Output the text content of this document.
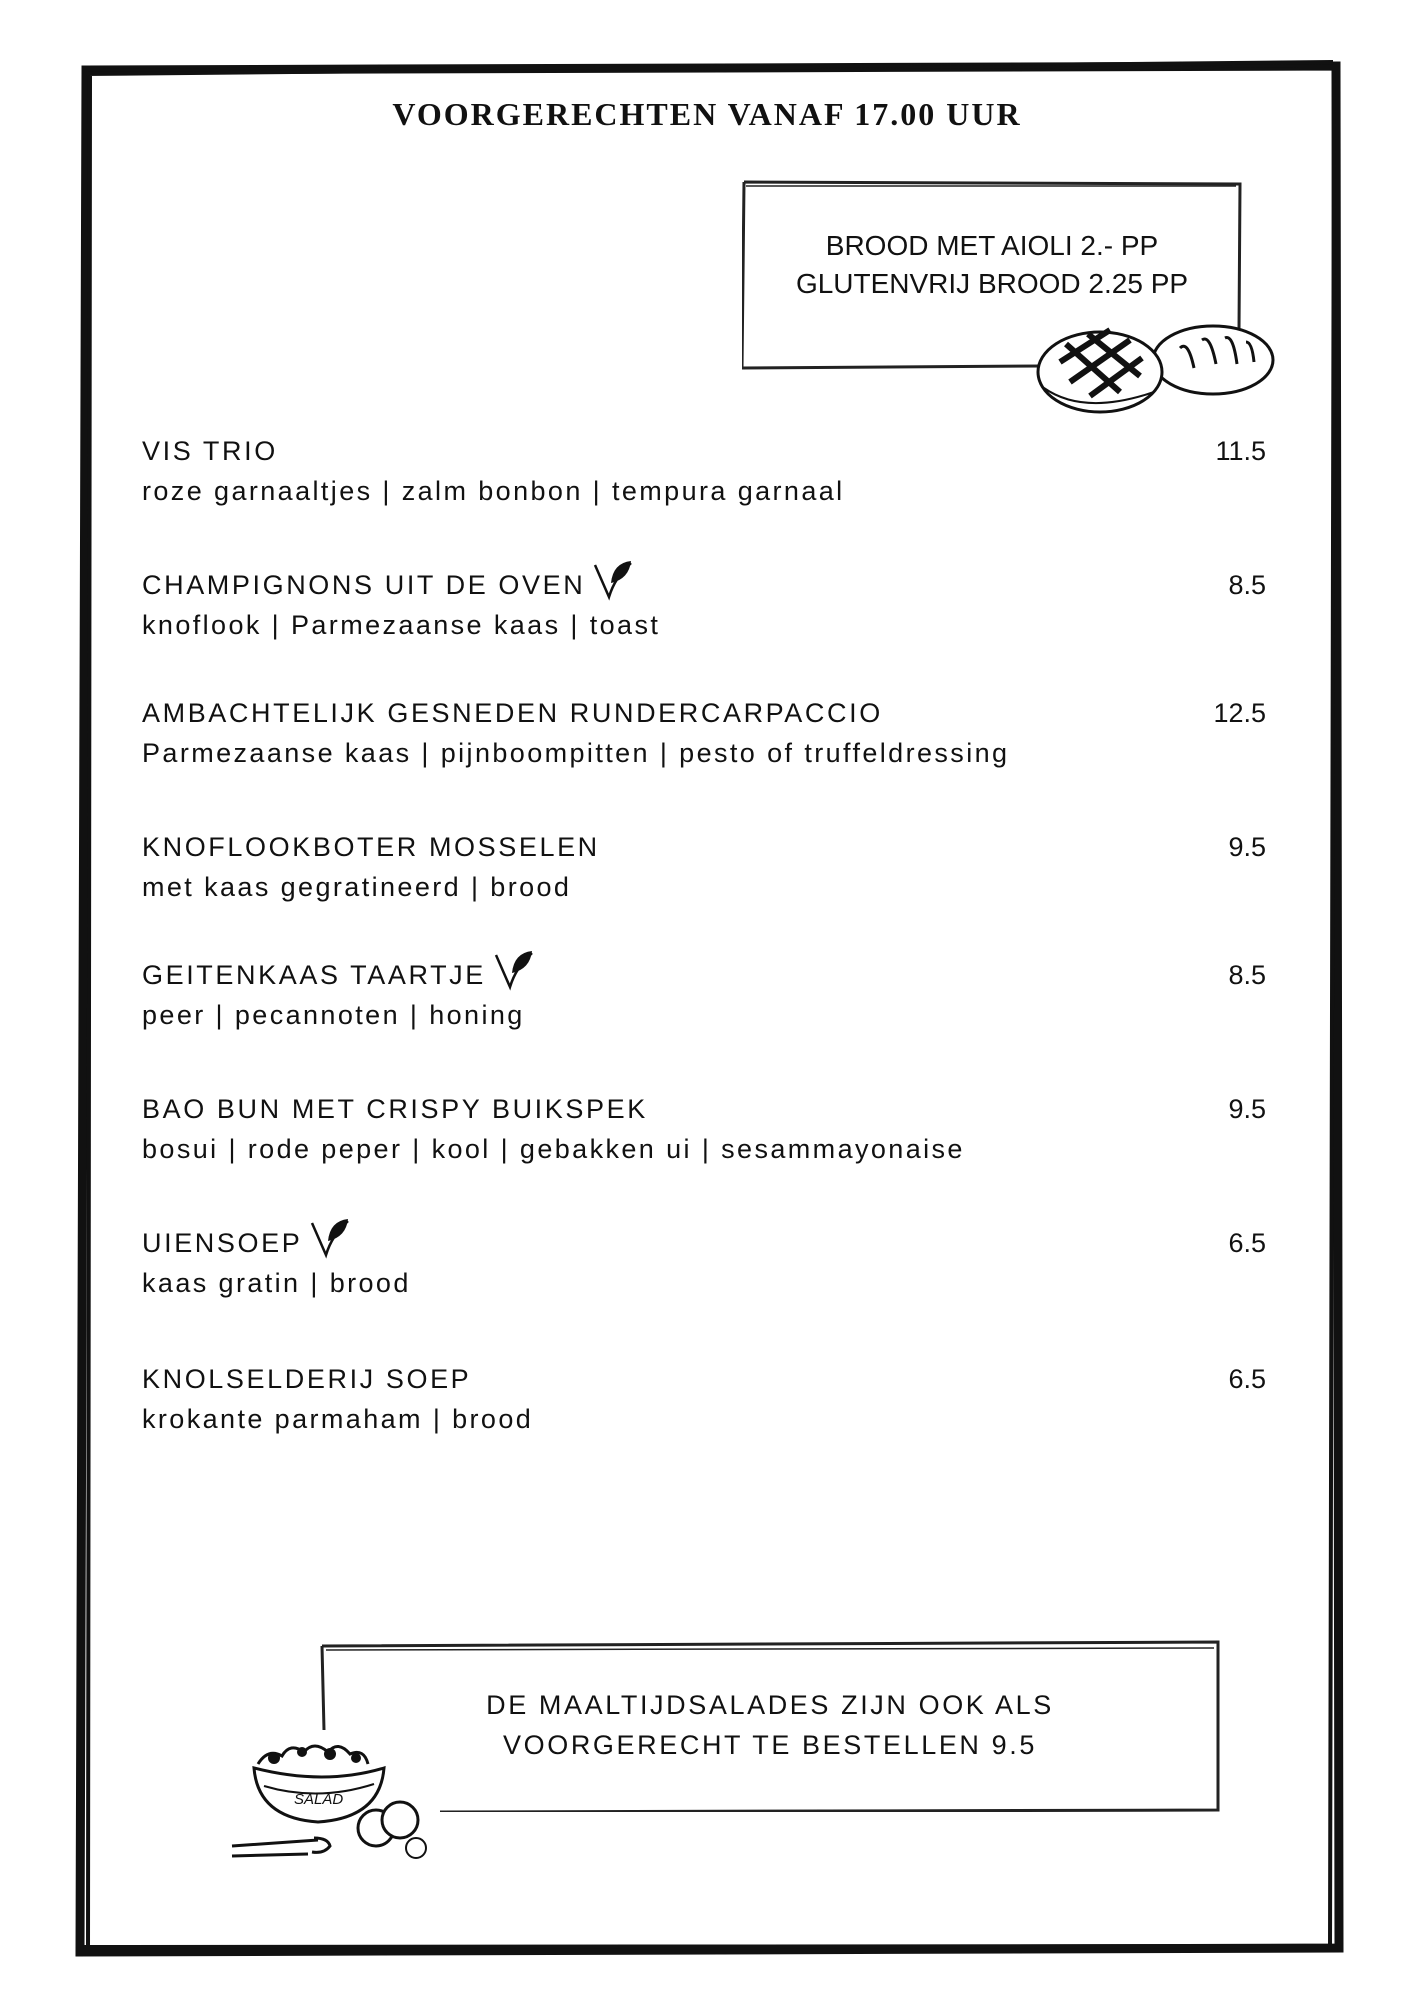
VOORGERECHTEN VANAF 17.00 UUR
BROOD MET AIOLI 2.- PP
GLUTENVRIJ BROOD 2.25 PP
VIS TRIO	11.5
roze garnaaltjes | zalm bonbon | tempura garnaal
CHAMPIGNONS UIT DE OVEN	8.5
knoflook | Parmezaanse kaas | toast
AMBACHTELIJK GESNEDEN RUNDERCARPACCIO	12.5
Parmezaanse kaas | pijnboompitten | pesto of truffeldressing
KNOFLOOKBOTER MOSSELEN	9.5
met kaas gegratineerd | brood
GEITENKAAS TAARTJE	8.5
peer | pecannoten | honing
BAO BUN MET CRISPY BUIKSPEK	9.5
bosui | rode peper | kool | gebakken ui | sesammayonaise
UIENSOEP	6.5
kaas gratin | brood
KNOLSELDERIJ SOEP	6.5
krokante parmaham | brood
DE MAALTIJDSALADES ZIJN OOK ALS
VOORGERECHT TE BESTELLEN 9.5
SALAD
